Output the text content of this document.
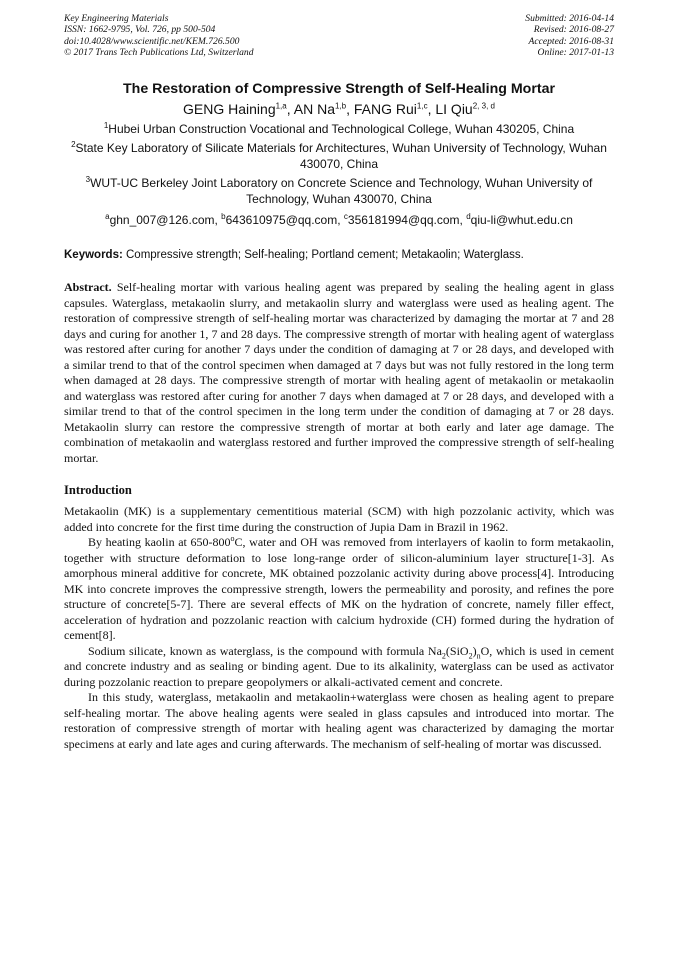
Key Engineering Materials
ISSN: 1662-9795, Vol. 726, pp 500-504
doi:10.4028/www.scientific.net/KEM.726.500
© 2017 Trans Tech Publications Ltd, Switzerland
Submitted: 2016-04-14
Revised: 2016-08-27
Accepted: 2016-08-31
Online: 2017-01-13
The Restoration of Compressive Strength of Self-Healing Mortar
GENG Haining$^{1,a}$, AN Na$^{1,b}$, FANG Rui$^{1,c}$, LI Qiu$^{2, 3, d}$
$^1$Hubei Urban Construction Vocational and Technological College, Wuhan 430205, China
$^2$State Key Laboratory of Silicate Materials for Architectures, Wuhan University of Technology, Wuhan 430070, China
$^3$WUT-UC Berkeley Joint Laboratory on Concrete Science and Technology, Wuhan University of Technology, Wuhan 430070, China
$^a$ghn_007@126.com, $^b$643610975@qq.com, $^c$356181994@qq.com, $^d$qiu-li@whut.edu.cn
Keywords: Compressive strength; Self-healing; Portland cement; Metakaolin; Waterglass.

Abstract. Self-healing mortar with various healing agent was prepared by sealing the healing agent in glass capsules. Waterglass, metakaolin slurry, and metakaolin slurry and waterglass were used as healing agent. The restoration of compressive strength of self-healing mortar was characterized by damaging the mortar at 7 and 28 days and curing for another 1, 7 and 28 days. The compressive strength of mortar with healing agent of waterglass was restored after curing for another 7 days under the condition of damaging at 7 or 28 days, and developed with a similar trend to that of the control specimen when damaged at 7 days but was not fully restored in the long term when damaged at 28 days. The compressive strength of mortar with healing agent of metakaolin or metakaolin and waterglass was restored after curing for another 7 days when damaged at 7 or 28 days, and developed with a similar trend to that of the control specimen in the long term under the condition of damaging at 7 or 28 days. Metakaolin slurry can restore the compressive strength of mortar at both early and later age damage. The combination of metakaolin and waterglass restored and further improved the compressive strength of self-healing mortar.

Introduction

Metakaolin (MK) is a supplementary cementitious material (SCM) with high pozzolanic activity, which was added into concrete for the first time during the construction of Jupia Dam in Brazil in 1962.

By heating kaolin at 650-800$^o$C, water and OH was removed from interlayers of kaolin to form metakaolin, together with structure deformation to lose long-range order of silicon-aluminium layer structure[1-3]. As amorphous mineral additive for concrete, MK obtained pozzolanic activity during above process[4]. Introducing MK into concrete improves the compressive strength, lowers the permeability and porosity, and refines the pore structure of concrete[5-7]. There are several effects of MK on the hydration of concrete, namely filler effect, acceleration of hydration and pozzolanic reaction with calcium hydroxide (CH) formed during the hydration of cement[8].

Sodium silicate, known as waterglass, is the compound with formula $Na_2(SiO_2)_nO$, which is used in cement and concrete industry and as sealing or binding agent. Due to its alkalinity, waterglass can be used as activator during pozzolanic reaction to prepare geopolymers or alkali-activated cement and concrete.

In this study, waterglass, metakaolin and metakaolin+waterglass were chosen as healing agent to prepare self-healing mortar. The above healing agents were sealed in glass capsules and introduced into mortar. The restoration of compressive strength of mortar with healing agent was characterized by damaging the mortar specimens at early and late ages and curing afterwards. The mechanism of self-healing of mortar was discussed.
